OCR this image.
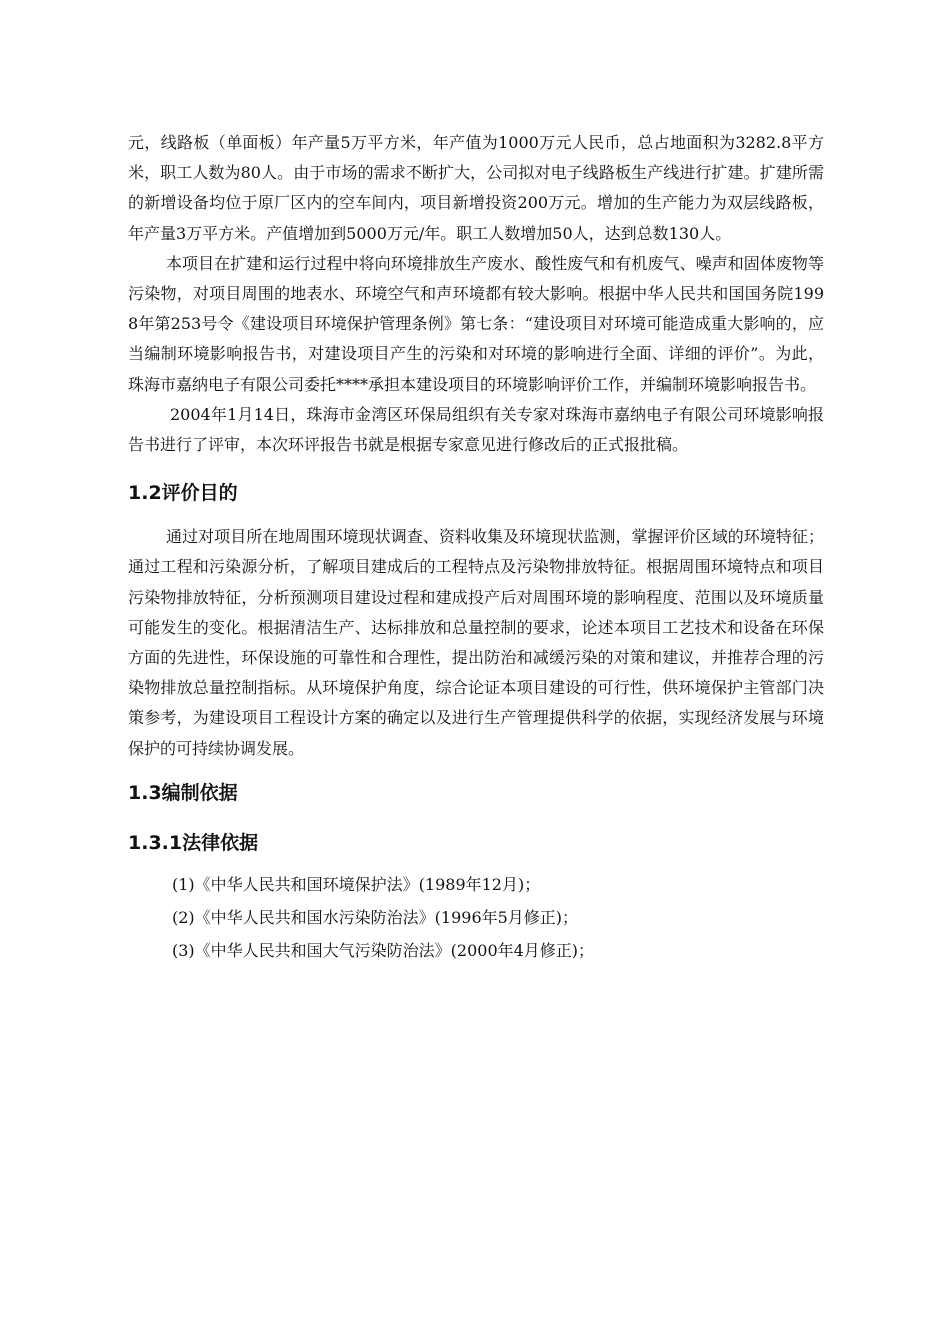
元，线路板（单面板）年产量5万平方米，年产值为1000万元人民币，总占地面积为3282.8平方米，职工人数为80人。由于市场的需求不断扩大，公司拟对电子线路板生产线进行扩建。扩建所需的新增设备均位于原厂区内的空车间内，项目新增投资200万元。增加的生产能力为双层线路板，年产量3万平方米。产值增加到5000万元/年。职工人数增加50人，达到总数130人。

本项目在扩建和运行过程中将向环境排放生产废水、酸性废气和有机废气、噪声和固体废物等污染物，对项目周围的地表水、环境空气和声环境都有较大影响。根据中华人民共和国国务院1998年第253号令《建设项目环境保护管理条例》第七条：“建设项目对环境可能造成重大影响的，应当编制环境影响报告书，对建设项目产生的污染和对环境的影响进行全面、详细的评价”。为此，珠海市嘉纳电子有限公司委托****承担本建设项目的环境影响评价工作，并编制环境影响报告书。

2004年1月14日，珠海市金湾区环保局组织有关专家对珠海市嘉纳电子有限公司环境影响报告书进行了评审，本次环评报告书就是根据专家意见进行修改后的正式报批稿。

1.2评价目的

通过对项目所在地周围环境现状调查、资料收集及环境现状监测，掌握评价区域的环境特征；通过工程和污染源分析，了解项目建成后的工程特点及污染物排放特征。根据周围环境特点和项目污染物排放特征，分析预测项目建设过程和建成投产后对周围环境的影响程度、范围以及环境质量可能发生的变化。根据清洁生产、达标排放和总量控制的要求，论述本项目工艺技术和设备在环保方面的先进性，环保设施的可靠性和合理性，提出防治和减缓污染的对策和建议，并推荐合理的污染物排放总量控制指标。从环境保护角度，综合论证本项目建设的可行性，供环境保护主管部门决策参考，为建设项目工程设计方案的确定以及进行生产管理提供科学的依据，实现经济发展与环境保护的可持续协调发展。

1.3编制依据
1.3.1法律依据

(1)《中华人民共和国环境保护法》(1989年12月)；

(2)《中华人民共和国水污染防治法》(1996年5月修正)；

(3)《中华人民共和国大气污染防治法》(2000年4月修正)；
